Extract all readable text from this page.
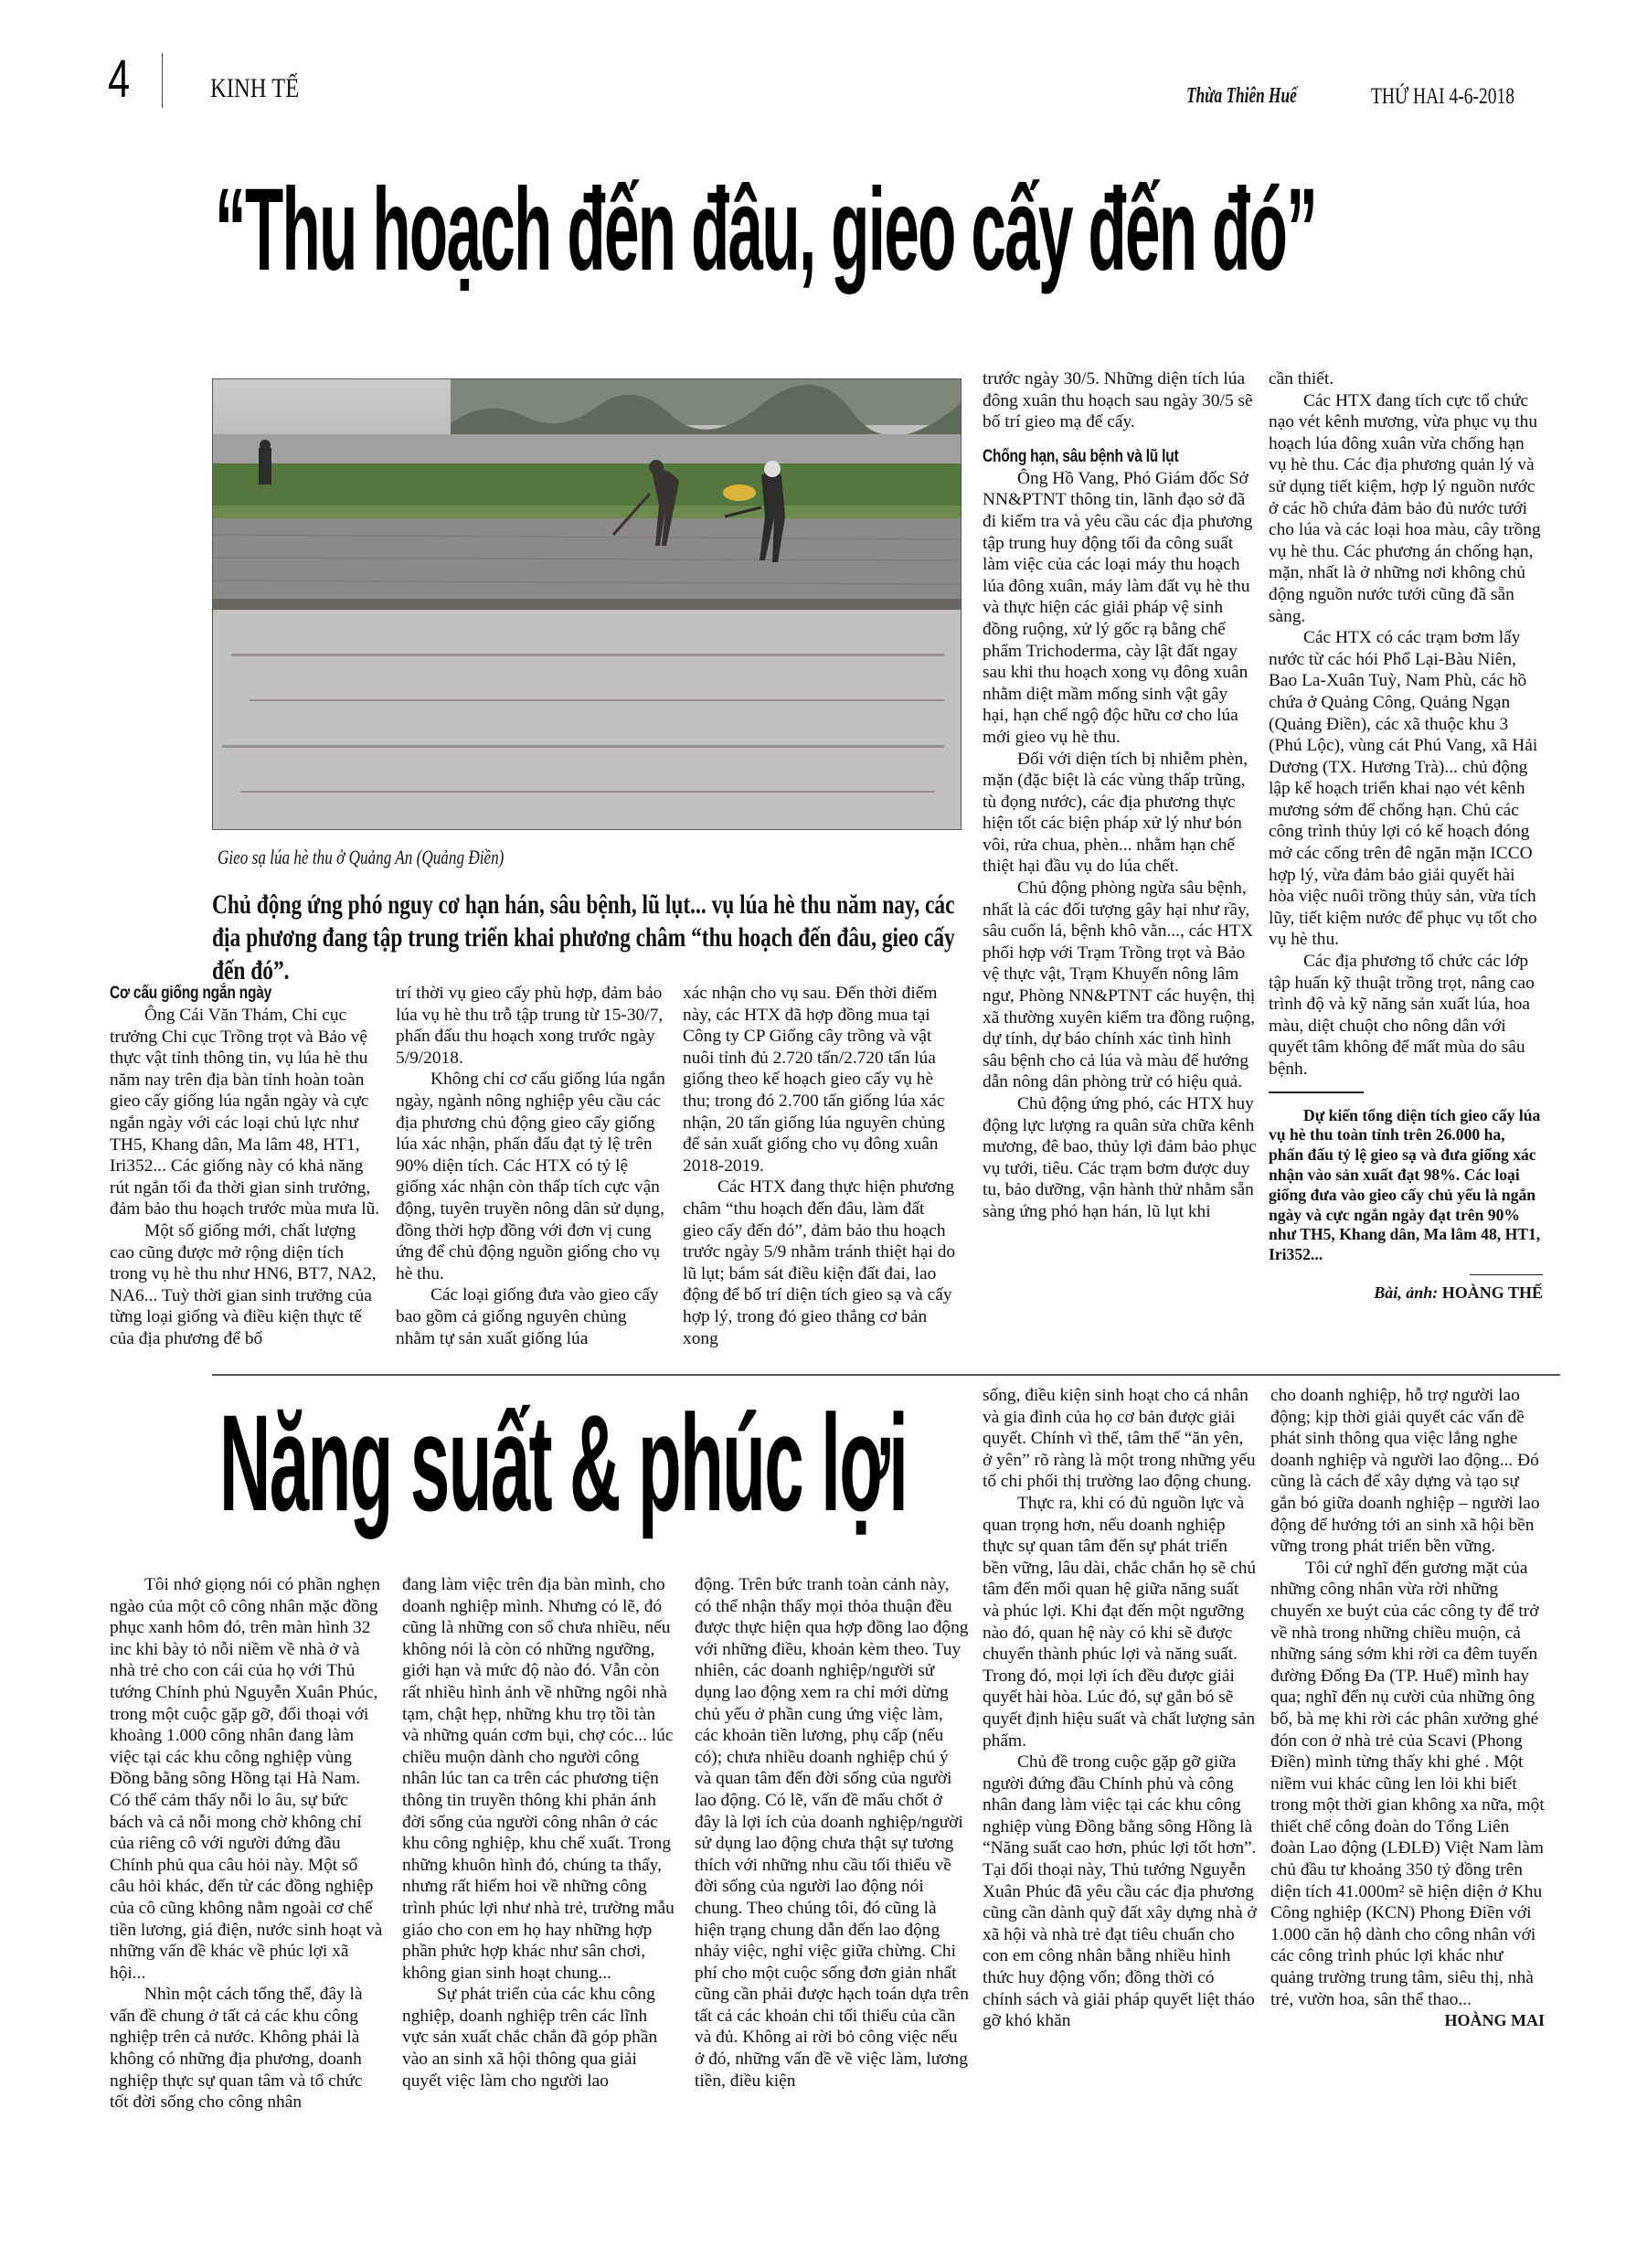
4	KINH TẾ	Thừa Thiên Huế	THỨ HAI 4-6-2018
“Thu hoạch đến đâu, gieo cấy đến đó”
Gieo sạ lúa hè thu ở Quảng An (Quảng Điền)
Chủ động ứng phó nguy cơ hạn hán, sâu bệnh, lũ lụt... vụ lúa hè thu năm nay, các địa phương đang tập trung triển khai phương châm “thu hoạch đến đâu, gieo cấy đến đó”.
Cơ cấu giống ngắn ngày

Ông Cái Văn Thám, Chi cục trưởng Chi cục Trồng trọt và Bảo vệ thực vật tỉnh thông tin, vụ lúa hè thu năm nay trên địa bàn tỉnh hoàn toàn gieo cấy giống lúa ngắn ngày và cực ngắn ngày với các loại chủ lực như TH5, Khang dân, Ma lâm 48, HT1, Iri352... Các giống này có khả năng rút ngắn tối đa thời gian sinh trưởng, đảm bảo thu hoạch trước mùa mưa lũ.

Một số giống mới, chất lượng cao cũng được mở rộng diện tích trong vụ hè thu như HN6, BT7, NA2, NA6... Tuỳ thời gian sinh trưởng của từng loại giống và điều kiện thực tế của địa phương để bố

trí thời vụ gieo cấy phù hợp, đảm bảo lúa vụ hè thu trỗ tập trung từ 15-30/7, phấn đấu thu hoạch xong trước ngày 5/9/2018.

Không chỉ cơ cấu giống lúa ngắn ngày, ngành nông nghiệp yêu cầu các địa phương chủ động gieo cấy giống lúa xác nhận, phấn đấu đạt tỷ lệ trên 90% diện tích. Các HTX có tỷ lệ giống xác nhận còn thấp tích cực vận động, tuyên truyền nông dân sử dụng, đồng thời hợp đồng với đơn vị cung ứng để chủ động nguồn giống cho vụ hè thu.

Các loại giống đưa vào gieo cấy bao gồm cả giống nguyên chủng nhằm tự sản xuất giống lúa

xác nhận cho vụ sau. Đến thời điểm này, các HTX đã hợp đồng mua tại Công ty CP Giống cây trồng và vật nuôi tỉnh đủ 2.720 tấn/2.720 tấn lúa giống theo kế hoạch gieo cấy vụ hè thu; trong đó 2.700 tấn giống lúa xác nhận, 20 tấn giống lúa nguyên chủng để sản xuất giống cho vụ đông xuân 2018-2019.

Các HTX đang thực hiện phương châm “thu hoạch đến đâu, làm đất gieo cấy đến đó”, đảm bảo thu hoạch trước ngày 5/9 nhằm tránh thiệt hại do lũ lụt; bám sát điều kiện đất đai, lao động để bố trí diện tích gieo sạ và cấy hợp lý, trong đó gieo thẳng cơ bản xong

trước ngày 30/5. Những diện tích lúa đông xuân thu hoạch sau ngày 30/5 sẽ bố trí gieo mạ để cấy.

Chống hạn, sâu bệnh và lũ lụt

Ông Hồ Vang, Phó Giám đốc Sở NN&PTNT thông tin, lãnh đạo sở đã đi kiểm tra và yêu cầu các địa phương tập trung huy động tối đa công suất làm việc của các loại máy thu hoạch lúa đông xuân, máy làm đất vụ hè thu và thực hiện các giải pháp vệ sinh đồng ruộng, xử lý gốc rạ bằng chế phẩm Trichoderma, cày lật đất ngay sau khi thu hoạch xong vụ đông xuân nhằm diệt mầm mống sinh vật gây hại, hạn chế ngộ độc hữu cơ cho lúa mới gieo vụ hè thu.

Đối với diện tích bị nhiễm phèn, mặn (đặc biệt là các vùng thấp trũng, tù đọng nước), các địa phương thực hiện tốt các biện pháp xử lý như bón vôi, rửa chua, phèn... nhằm hạn chế thiệt hại đầu vụ do lúa chết.

Chủ động phòng ngừa sâu bệnh, nhất là các đối tượng gây hại như rầy, sâu cuốn lá, bệnh khô vằn..., các HTX phối hợp với Trạm Trồng trọt và Bảo vệ thực vật, Trạm Khuyến nông lâm ngư, Phòng NN&PTNT các huyện, thị xã thường xuyên kiểm tra đồng ruộng, dự tính, dự báo chính xác tình hình sâu bệnh cho cả lúa và màu để hướng dẫn nông dân phòng trừ có hiệu quả.

Chủ động ứng phó, các HTX huy động lực lượng ra quân sửa chữa kênh mương, đê bao, thủy lợi đảm bảo phục vụ tưới, tiêu. Các trạm bơm được duy tu, bảo dưỡng, vận hành thử nhằm sẵn sàng ứng phó hạn hán, lũ lụt khi

cần thiết.

Các HTX đang tích cực tổ chức nạo vét kênh mương, vừa phục vụ thu hoạch lúa đông xuân vừa chống hạn vụ hè thu. Các địa phương quản lý và sử dụng tiết kiệm, hợp lý nguồn nước ở các hồ chứa đảm bảo đủ nước tưới cho lúa và các loại hoa màu, cây trồng vụ hè thu. Các phương án chống hạn, mặn, nhất là ở những nơi không chủ động nguồn nước tưới cũng đã sẵn sàng.

Các HTX có các trạm bơm lấy nước từ các hói Phổ Lại-Bàu Niên, Bao La-Xuân Tuỳ, Nam Phù, các hồ chứa ở Quảng Công, Quảng Ngạn (Quảng Điền), các xã thuộc khu 3 (Phú Lộc), vùng cát Phú Vang, xã Hải Dương (TX. Hương Trà)... chủ động lập kế hoạch triển khai nạo vét kênh mương sớm để chống hạn. Chủ các công trình thủy lợi có kế hoạch đóng mở các cống trên đê ngăn mặn ICCO hợp lý, vừa đảm bảo giải quyết hài hòa việc nuôi trồng thủy sản, vừa tích lũy, tiết kiệm nước để phục vụ tốt cho vụ hè thu.

Các địa phương tổ chức các lớp tập huấn kỹ thuật trồng trọt, nâng cao trình độ và kỹ năng sản xuất lúa, hoa màu, diệt chuột cho nông dân với quyết tâm không để mất mùa do sâu bệnh.

Dự kiến tổng diện tích gieo cấy lúa vụ hè thu toàn tỉnh trên 26.000 ha, phấn đấu tỷ lệ gieo sạ và đưa giống xác nhận vào sản xuất đạt 98%. Các loại giống đưa vào gieo cấy chủ yếu là ngắn ngày và cực ngắn ngày đạt trên 90% như TH5, Khang dân, Ma lâm 48, HT1, Iri352...

Bài, ảnh: HOÀNG THẾ
Năng suất & phúc lợi

Tôi nhớ giọng nói có phần nghẹn ngào của một cô công nhân mặc đồng phục xanh hôm đó, trên màn hình 32 inc khi bày tỏ nỗi niềm về nhà ở và nhà trẻ cho con cái của họ với Thủ tướng Chính phủ Nguyễn Xuân Phúc, trong một cuộc gặp gỡ, đối thoại với khoảng 1.000 công nhân đang làm việc tại các khu công nghiệp vùng Đồng bằng sông Hồng tại Hà Nam. Có thể cảm thấy nỗi lo âu, sự bức bách và cả nỗi mong chờ không chỉ của riêng cô với người đứng đầu Chính phủ qua câu hỏi này. Một số câu hỏi khác, đến từ các đồng nghiệp của cô cũng không nằm ngoài cơ chế tiền lương, giá điện, nước sinh hoạt và những vấn đề khác về phúc lợi xã hội...

Nhìn một cách tổng thể, đây là vấn đề chung ở tất cả các khu công nghiệp trên cả nước. Không phải là không có những địa phương, doanh nghiệp thực sự quan tâm và tổ chức tốt đời sống cho công nhân

đang làm việc trên địa bàn mình, cho doanh nghiệp mình. Nhưng có lẽ, đó cũng là những con số chưa nhiều, nếu không nói là còn có những ngưỡng, giới hạn và mức độ nào đó. Vẫn còn rất nhiều hình ảnh về những ngôi nhà tạm, chật hẹp, những khu trọ tồi tàn và những quán cơm bụi, chợ cóc... lúc chiều muộn dành cho người công nhân lúc tan ca trên các phương tiện thông tin truyền thông khi phản ánh đời sống của người công nhân ở các khu công nghiệp, khu chế xuất. Trong những khuôn hình đó, chúng ta thấy, nhưng rất hiếm hoi về những công trình phúc lợi như nhà trẻ, trường mẫu giáo cho con em họ hay những hợp phần phức hợp khác như sân chơi, không gian sinh hoạt chung...

Sự phát triển của các khu công nghiệp, doanh nghiệp trên các lĩnh vực sản xuất chắc chắn đã góp phần vào an sinh xã hội thông qua giải quyết việc làm cho người lao

động. Trên bức tranh toàn cảnh này, có thể nhận thấy mọi thỏa thuận đều được thực hiện qua hợp đồng lao động với những điều, khoản kèm theo. Tuy nhiên, các doanh nghiệp/người sử dụng lao động xem ra chỉ mới dừng chủ yếu ở phần cung ứng việc làm, các khoản tiền lương, phụ cấp (nếu có); chưa nhiều doanh nghiệp chú ý và quan tâm đến đời sống của người lao động. Có lẽ, vấn đề mấu chốt ở đây là lợi ích của doanh nghiệp/người sử dụng lao động chưa thật sự tương thích với những nhu cầu tối thiểu về đời sống của người lao động nói chung. Theo chúng tôi, đó cũng là hiện trạng chung dẫn đến lao động nhảy việc, nghỉ việc giữa chừng. Chi phí cho một cuộc sống đơn giản nhất cũng cần phải được hạch toán dựa trên tất cả các khoản chi tối thiểu của cần và đủ. Không ai rời bỏ công việc nếu ở đó, những vấn đề về việc làm, lương tiền, điều kiện

sống, điều kiện sinh hoạt cho cá nhân và gia đình của họ cơ bản được giải quyết. Chính vì thế, tâm thế “ăn yên, ở yên” rõ ràng là một trong những yếu tố chi phối thị trường lao động chung.

Thực ra, khi có đủ nguồn lực và quan trọng hơn, nếu doanh nghiệp thực sự quan tâm đến sự phát triển bền vững, lâu dài, chắc chắn họ sẽ chú tâm đến mối quan hệ giữa năng suất và phúc lợi. Khi đạt đến một ngưỡng nào đó, quan hệ này có khi sẽ được chuyển thành phúc lợi và năng suất. Trong đó, mọi lợi ích đều được giải quyết hài hòa. Lúc đó, sự gắn bó sẽ quyết định hiệu suất và chất lượng sản phẩm.

Chủ đề trong cuộc gặp gỡ giữa người đứng đầu Chính phủ và công nhân đang làm việc tại các khu công nghiệp vùng Đồng bằng sông Hồng là “Năng suất cao hơn, phúc lợi tốt hơn”. Tại đối thoại này, Thủ tướng Nguyễn Xuân Phúc đã yêu cầu các địa phương cũng cần dành quỹ đất xây dựng nhà ở xã hội và nhà trẻ đạt tiêu chuẩn cho con em công nhân bằng nhiều hình thức huy động vốn; đồng thời có chính sách và giải pháp quyết liệt tháo gỡ khó khăn

cho doanh nghiệp, hỗ trợ người lao động; kịp thời giải quyết các vấn đề phát sinh thông qua việc lắng nghe doanh nghiệp và người lao động... Đó cũng là cách để xây dựng và tạo sự gắn bó giữa doanh nghiệp – người lao động để hướng tới an sinh xã hội bền vững trong phát triển bền vững.

Tôi cứ nghĩ đến gương mặt của những công nhân vừa rời những chuyến xe buýt của các công ty để trở về nhà trong những chiều muộn, cả những sáng sớm khi rời ca đêm tuyến đường Đống Đa (TP. Huế) mình hay qua; nghĩ đến nụ cười của những ông bố, bà mẹ khi rời các phân xưởng ghé đón con ở nhà trẻ của Scavi (Phong Điền) mình từng thấy khi ghé . Một niềm vui khác cũng len lỏi khi biết trong một thời gian không xa nữa, một thiết chế công đoàn do Tổng Liên đoàn Lao động (LĐLĐ) Việt Nam làm chủ đầu tư khoảng 350 tỷ đồng trên diện tích 41.000m² sẽ hiện diện ở Khu Công nghiệp (KCN) Phong Điền với 1.000 căn hộ dành cho công nhân với các công trình phúc lợi khác như quảng trường trung tâm, siêu thị, nhà trẻ, vườn hoa, sân thể thao...

HOÀNG MAI
